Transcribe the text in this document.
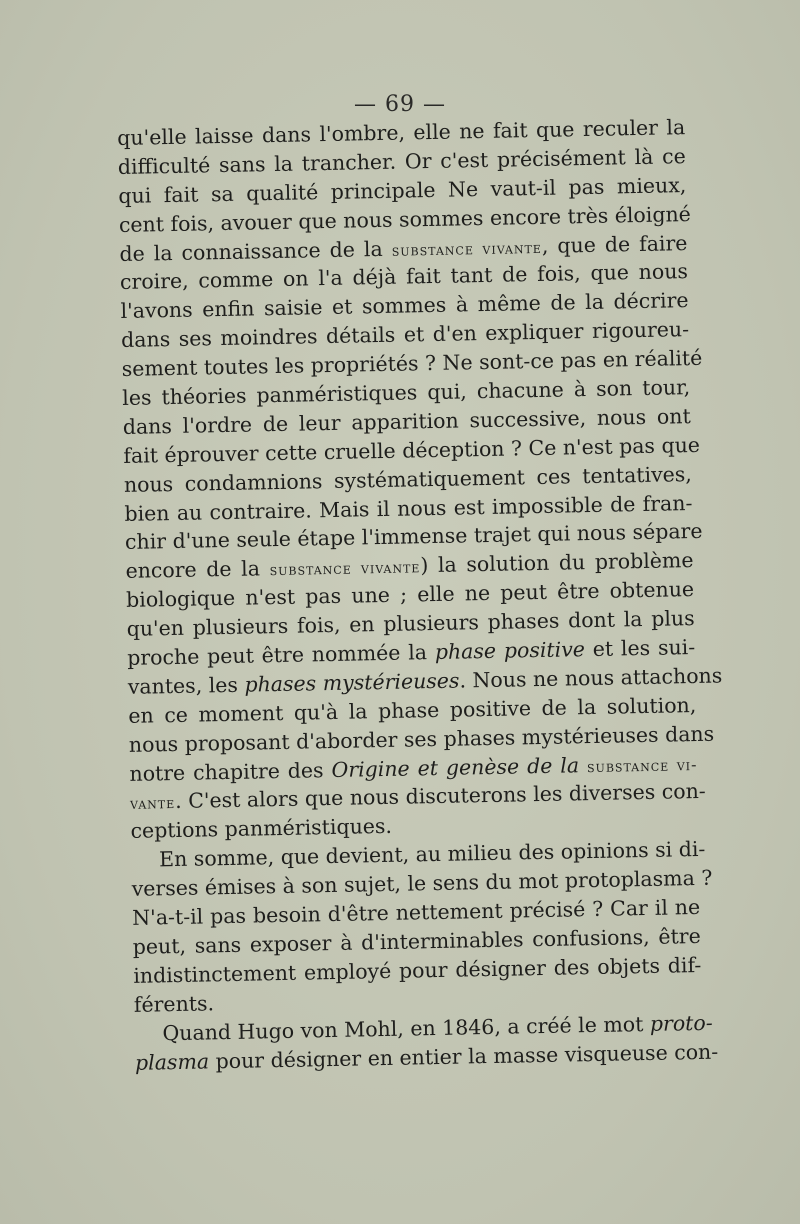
— 69 —
qu'elle laisse dans l'ombre, elle ne fait que reculer la
difficulté sans la trancher. Or c'est précisément là ce
qui fait sa qualité principale Ne vaut-il pas mieux,
cent fois, avouer que nous sommes encore très éloigné
de la connaissance de la substance vivante, que de faire
croire, comme on l'a déjà fait tant de fois, que nous
l'avons enfin saisie et sommes à même de la décrire
dans ses moindres détails et d'en expliquer rigoureu-
sement toutes les propriétés ? Ne sont-ce pas en réalité
les théories panméristiques qui, chacune à son tour,
dans l'ordre de leur apparition successive, nous ont
fait éprouver cette cruelle déception ? Ce n'est pas que
nous condamnions systématiquement ces tentatives,
bien au contraire. Mais il nous est impossible de fran-
chir d'une seule étape l'immense trajet qui nous sépare
encore de la substance vivante) la solution du problème
biologique n'est pas une ; elle ne peut être obtenue
qu'en plusieurs fois, en plusieurs phases dont la plus
proche peut être nommée la phase positive et les sui-
vantes, les phases mystérieuses. Nous ne nous attachons
en ce moment qu'à la phase positive de la solution,
nous proposant d'aborder ses phases mystérieuses dans
notre chapitre des Origine et genèse de la substance vi-
vante. C'est alors que nous discuterons les diverses con-
ceptions panméristiques.
En somme, que devient, au milieu des opinions si di-
verses émises à son sujet, le sens du mot protoplasma ?
N'a-t-il pas besoin d'être nettement précisé ? Car il ne
peut, sans exposer à d'interminables confusions, être
indistinctement employé pour désigner des objets dif-
férents.
Quand Hugo von Mohl, en 1846, a créé le mot proto-
plasma pour désigner en entier la masse visqueuse con-
